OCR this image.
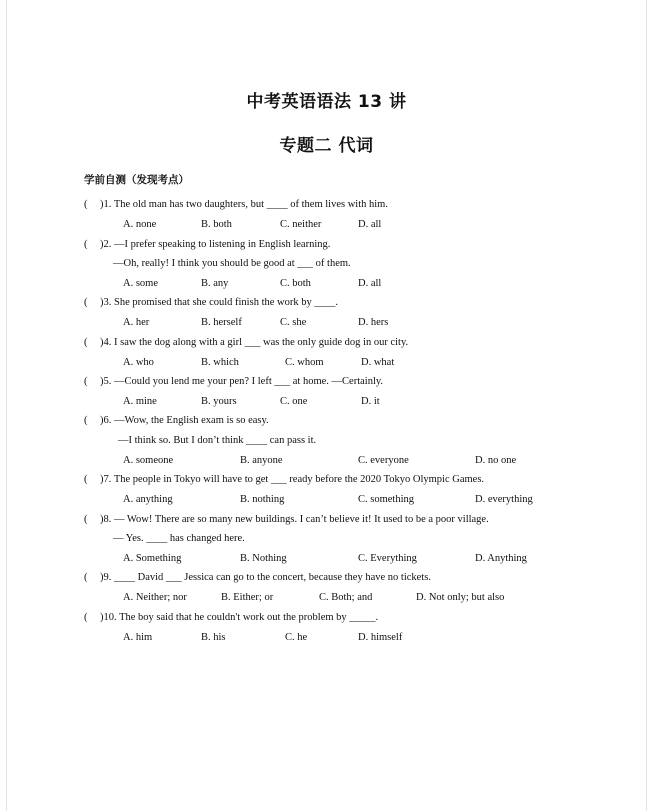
中考英语语法 13 讲
专题二 代词
学前自测（发现考点）
( )1. The old man has two daughters, but ____ of them lives with him.
A. none	B. both	C. neither	D. all
( )2. —I prefer speaking to listening in English learning.
—Oh, really! I think you should be good at ___ of them.
A. some	B. any	C. both	D. all
( )3. She promised that she could finish the work by ____.
A. her	B. herself	C. she	D. hers
( )4. I saw the dog along with a girl ___ was the only guide dog in our city.
A. who	B. which	C. whom	D. what
( )5. —Could you lend me your pen? I left ___ at home. —Certainly.
A. mine	B. yours	C. one	D. it
( )6. —Wow, the English exam is so easy.
—I think so. But I don’t think ____ can pass it.
A. someone	B. anyone	C. everyone	D. no one
( )7. The people in Tokyo will have to get ___ ready before the 2020 Tokyo Olympic Games.
A. anything	B. nothing	C. something	D. everything
( )8. — Wow! There are so many new buildings. I can’t believe it! It used to be a poor village.
— Yes. ____ has changed here.
A. Something	B. Nothing	C. Everything	D. Anything
( )9. ____ David ___ Jessica can go to the concert, because they have no tickets.
A. Neither; nor	B. Either; or	C. Both; and	D. Not only; but also
( )10. The boy said that he couldn't work out the problem by _____.
A. him	B. his	C. he	D. himself
